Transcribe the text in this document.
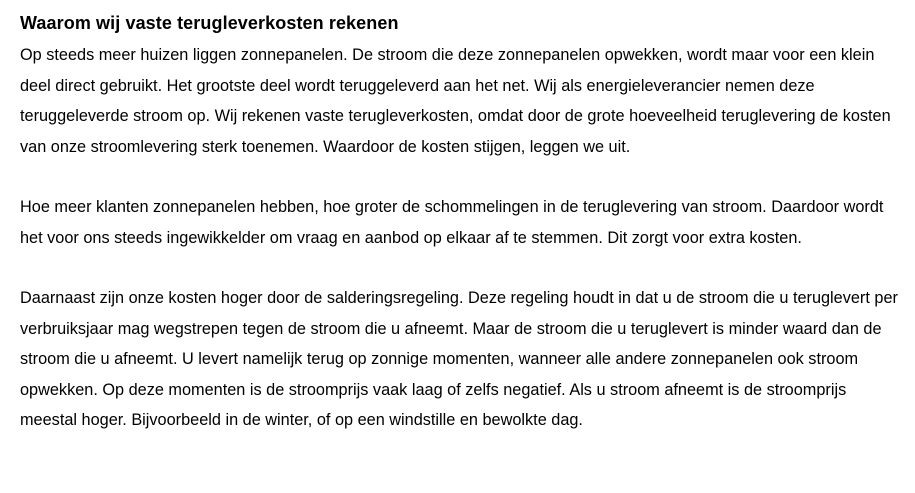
Waarom wij vaste terugleverkosten rekenen

Op steeds meer huizen liggen zonnepanelen. De stroom die deze zonnepanelen opwekken, wordt maar voor een klein deel direct gebruikt. Het grootste deel wordt teruggeleverd aan het net. Wij als energieleverancier nemen deze teruggeleverde stroom op. Wij rekenen vaste terugleverkosten, omdat door de grote hoeveelheid teruglevering de kosten van onze stroomlevering sterk toenemen. Waardoor de kosten stijgen, leggen we uit.

Hoe meer klanten zonnepanelen hebben, hoe groter de schommelingen in de teruglevering van stroom. Daardoor wordt het voor ons steeds ingewikkelder om vraag en aanbod op elkaar af te stemmen. Dit zorgt voor extra kosten.

Daarnaast zijn onze kosten hoger door de salderingsregeling. Deze regeling houdt in dat u de stroom die u teruglevert per verbruiksjaar mag wegstrepen tegen de stroom die u afneemt. Maar de stroom die u teruglevert is minder waard dan de stroom die u afneemt. U levert namelijk terug op zonnige momenten, wanneer alle andere zonnepanelen ook stroom opwekken. Op deze momenten is de stroomprijs vaak laag of zelfs negatief. Als u stroom afneemt is de stroomprijs meestal hoger. Bijvoorbeeld in de winter, of op een windstille en bewolkte dag.
